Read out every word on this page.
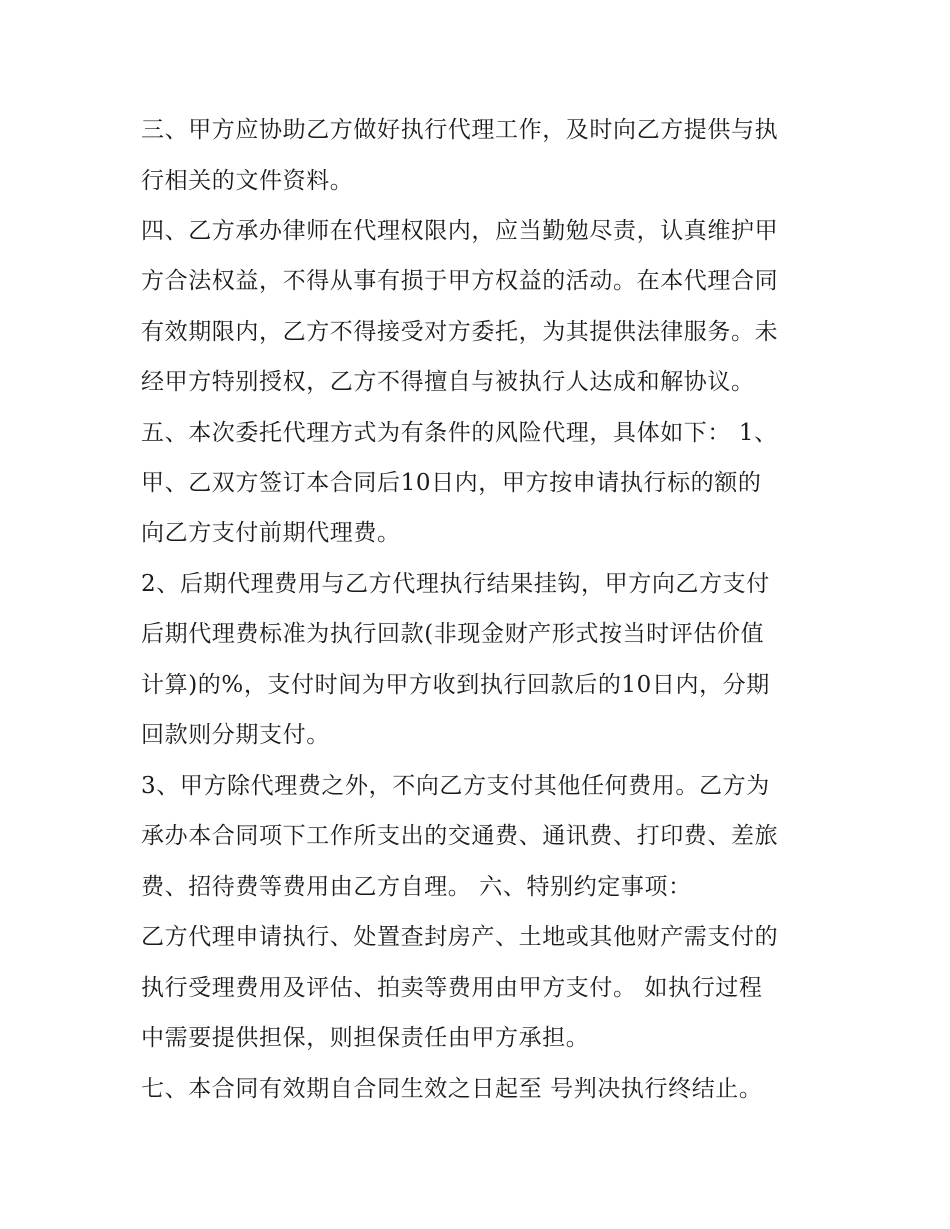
三、甲方应协助乙方做好执行代理工作，及时向乙方提供与执
行相关的文件资料。
四、乙方承办律师在代理权限内，应当勤勉尽责，认真维护甲
方合法权益，不得从事有损于甲方权益的活动。在本代理合同
有效期限内，乙方不得接受对方委托，为其提供法律服务。未
经甲方特别授权，乙方不得擅自与被执行人达成和解协议。
五、本次委托代理方式为有条件的风险代理，具体如下： 1、
甲、乙双方签订本合同后10日内，甲方按申请执行标的额的
向乙方支付前期代理费。
2、后期代理费用与乙方代理执行结果挂钩，甲方向乙方支付
后期代理费标准为执行回款(非现金财产形式按当时评估价值
计算)的%，支付时间为甲方收到执行回款后的10日内，分期
回款则分期支付。
3、甲方除代理费之外，不向乙方支付其他任何费用。乙方为
承办本合同项下工作所支出的交通费、通讯费、打印费、差旅
费、招待费等费用由乙方自理。 六、特别约定事项：
乙方代理申请执行、处置查封房产、土地或其他财产需支付的
执行受理费用及评估、拍卖等费用由甲方支付。 如执行过程
中需要提供担保，则担保责任由甲方承担。
七、本合同有效期自合同生效之日起至 号判决执行终结止。
